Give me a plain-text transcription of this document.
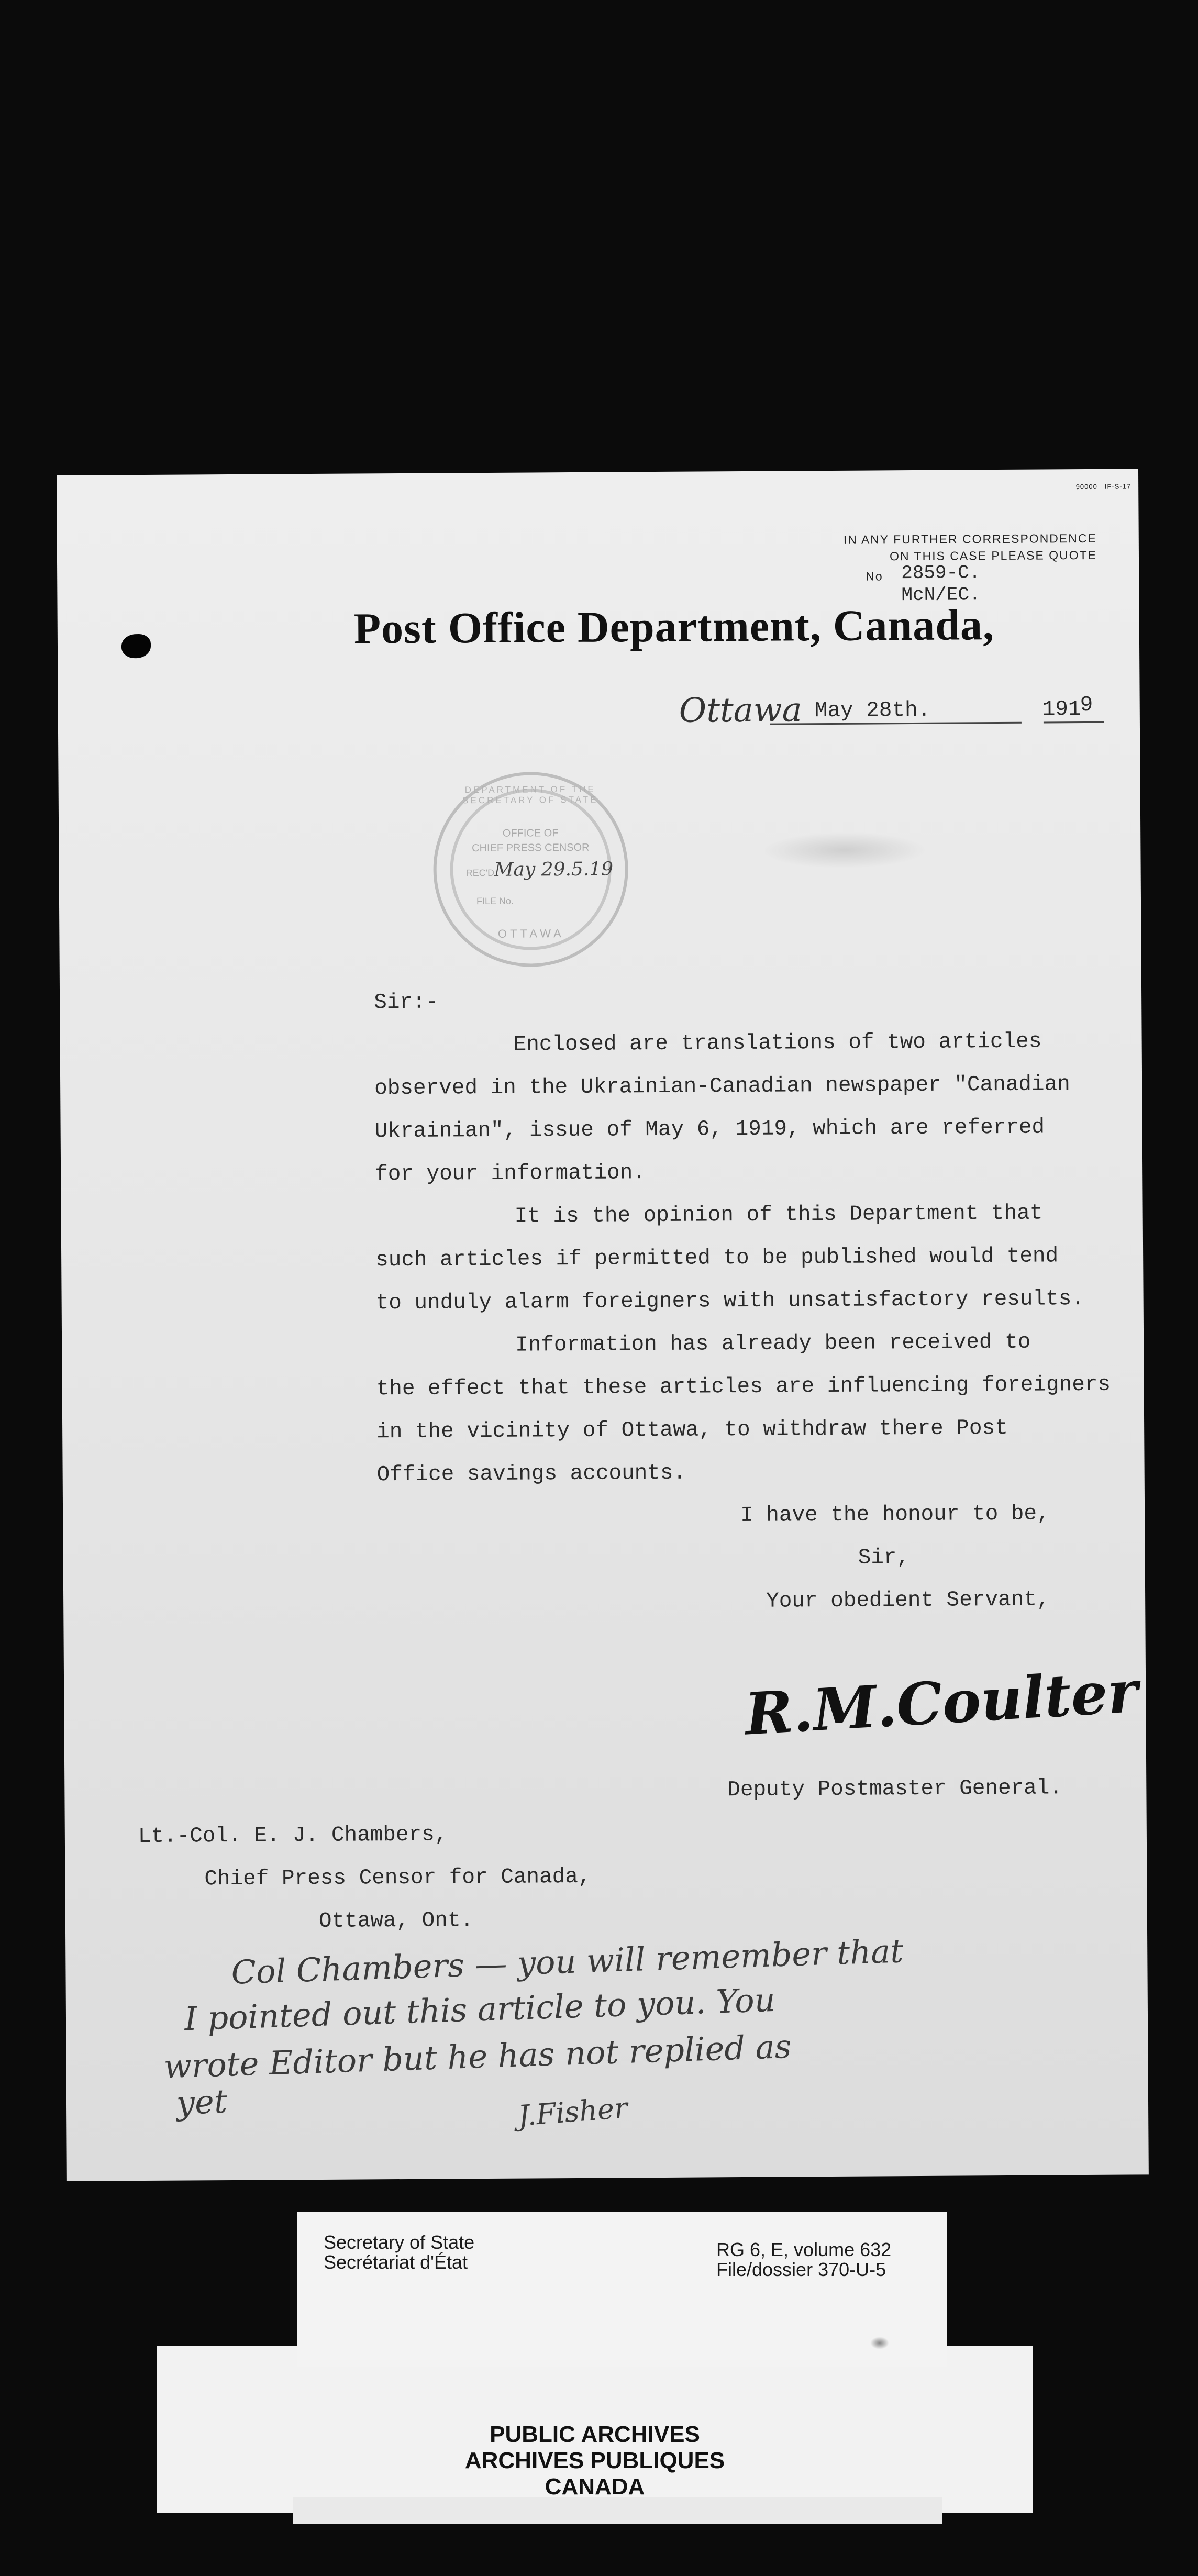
90000—IF-S-17
IN ANY FURTHER CORRESPONDENCE
ON THIS CASE PLEASE QUOTE
No 2859-C.
McN/EC.
Post Office Department, Canada,
Ottawa May 28th.	191
9
DEPARTMENT OF THE SECRETARY OF STATE
OFFICE OF
CHIEF PRESS CENSOR
REC'D May 29.5.19
FILE No.
OTTAWA
Sir:-
Enclosed are translations of two articles
observed in the Ukrainian-Canadian newspaper "Canadian
Ukrainian", issue of May 6, 1919, which are referred
for your information.
It is the opinion of this Department that
such articles if permitted to be published would tend
to unduly alarm foreigners with unsatisfactory results.
Information has already been received to
the effect that these articles are influencing foreigners
in the vicinity of Ottawa, to withdraw there Post
Office savings accounts.
I have the honour to be,
Sir,
Your obedient Servant,
R.M.Coulter
Deputy Postmaster General.
Lt.-Col. E. J. Chambers,
Chief Press Censor for Canada,
Ottawa, Ont.
Col Chambers — you will remember that
I pointed out this article to you. You
wrote Editor but he has not replied as
yet	J.Fisher
Secretary of State
Secrétariat d'État
RG 6, E, volume 632
File/dossier 370-U-5
PUBLIC ARCHIVES
ARCHIVES PUBLIQUES
CANADA
